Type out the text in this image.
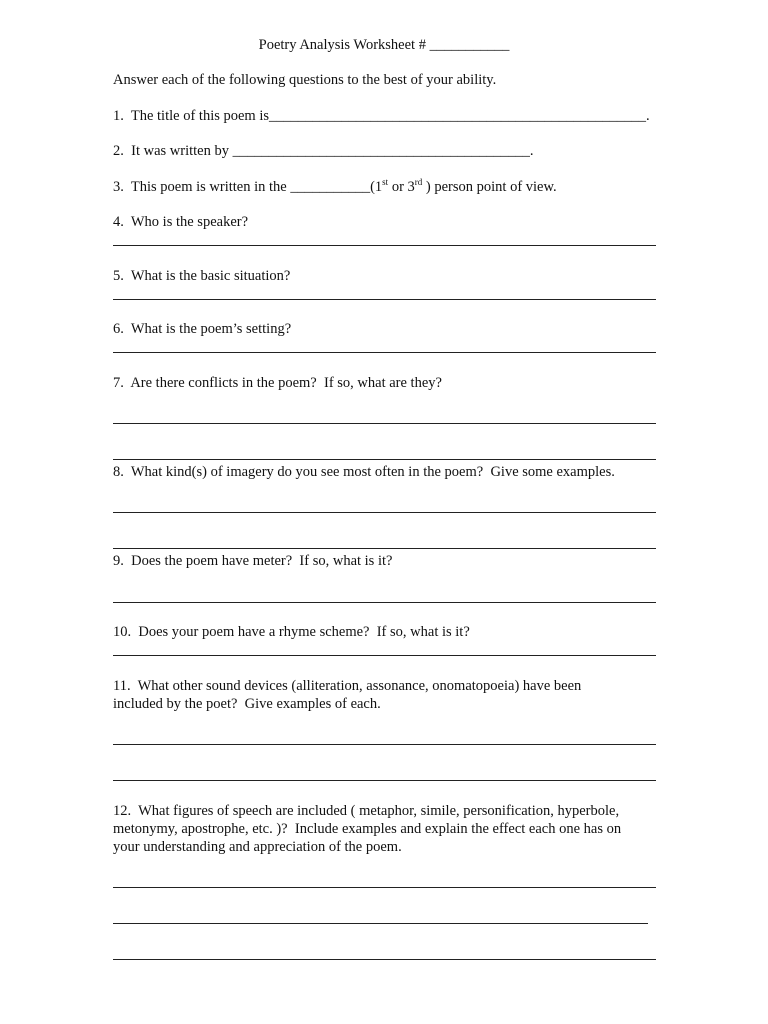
Poetry Analysis Worksheet # ___________
Answer each of the following questions to the best of your ability.
1.  The title of this poem is____________________________________________________.
2.  It was written by _________________________________________.
3.  This poem is written in the ___________(1st or 3rd ) person point of view.
4.  Who is the speaker?
5.  What is the basic situation?
6.  What is the poem’s setting?
7.  Are there conflicts in the poem?  If so, what are they?
8.  What kind(s) of imagery do you see most often in the poem?  Give some examples.
9.  Does the poem have meter?  If so, what is it?
10.  Does your poem have a rhyme scheme?  If so, what is it?
11.  What other sound devices (alliteration, assonance, onomatopoeia) have been
included by the poet?  Give examples of each.
12.  What figures of speech are included ( metaphor, simile, personification, hyperbole,
metonymy, apostrophe, etc. )?  Include examples and explain the effect each one has on
your understanding and appreciation of the poem.
